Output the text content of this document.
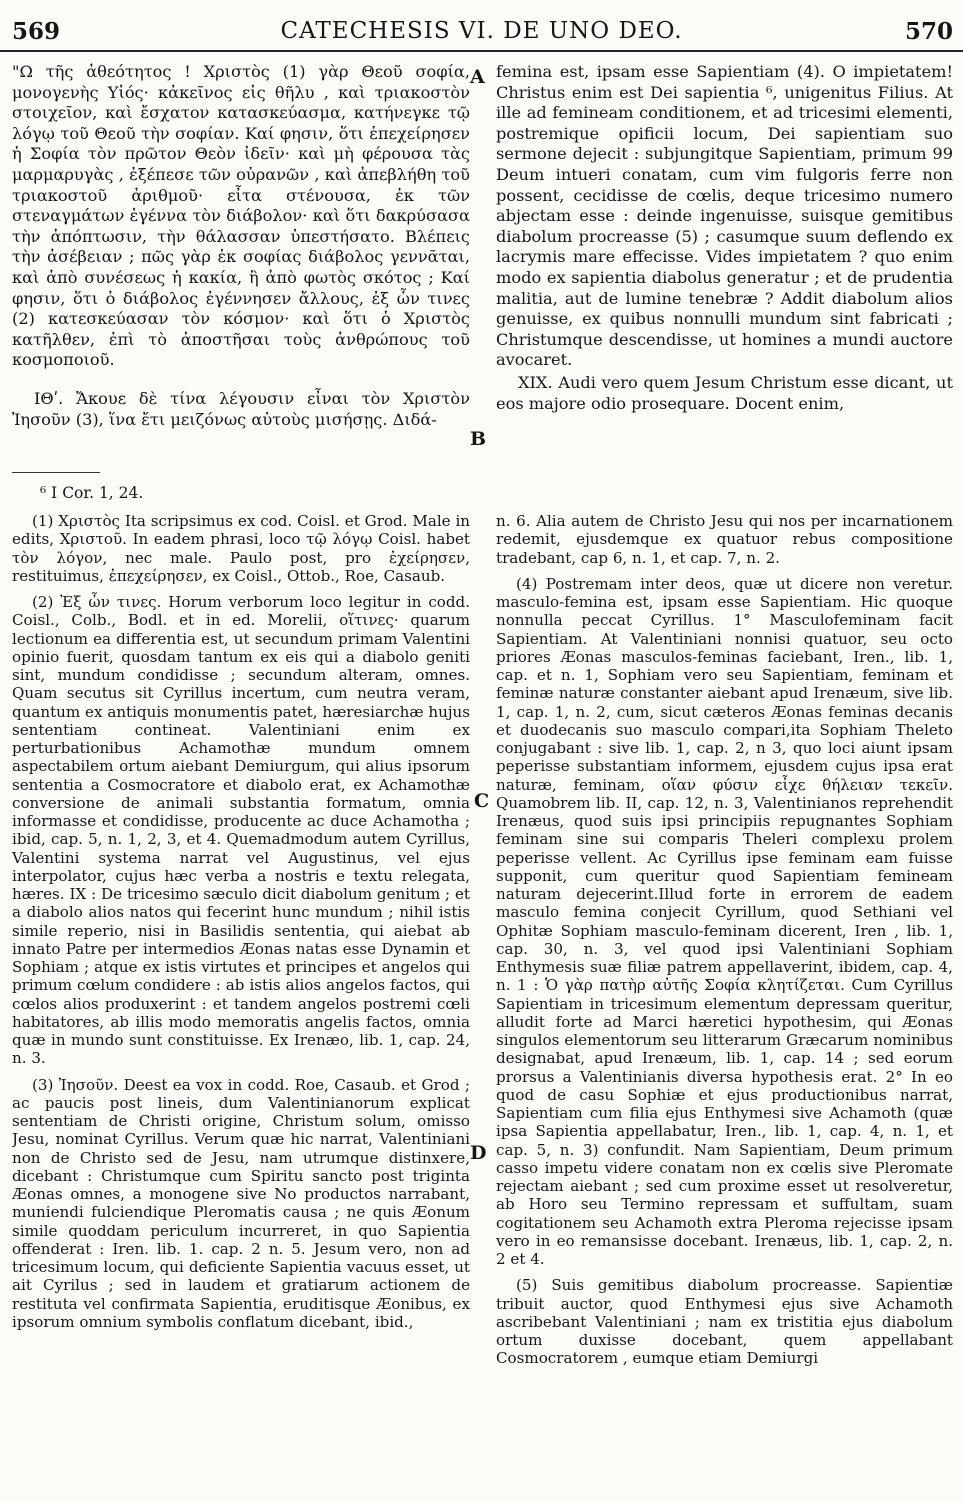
569	CATECHESIS VI. DE UNO DEO.	570
A
B
C
D

"Ω τῆς ἀθεότητος ! Χριστὸς (1) γὰρ Θεοῦ σοφία, μονογενὴς Υἱός· κἀκεῖνος εἰς θῆλυ , καὶ τριακοστὸν στοιχεῖον, καὶ ἔσχατον κατασκεύασμα, κατήνεγκε τῷ λόγῳ τοῦ Θεοῦ τὴν σοφίαν. Καί φησιν, ὅτι ἐπεχείρησεν ἡ Σοφία τὸν πρῶτον Θεὸν ἰδεῖν· καὶ μὴ φέρουσα τὰς μαρμαρυγὰς , ἐξέπεσε τῶν οὐρανῶν , καὶ ἀπεβλήθη τοῦ τριακοστοῦ ἀριθμοῦ· εἶτα στένουσα, ἐκ τῶν στεναγμάτων ἐγέννα τὸν διάβολον· καὶ ὅτι δακρύσασα τὴν ἀπόπτωσιν, τὴν θάλασσαν ὑπεστήσατο. Βλέπεις τὴν ἀσέβειαν ; πῶς γὰρ ἐκ σοφίας διάβολος γεννᾶται, καὶ ἀπὸ συνέσεως ἡ κακία, ἢ ἀπὸ φωτὸς σκότος ; Καί φησιν, ὅτι ὁ διάβολος ἐγέννησεν ἄλλους, ἐξ ὧν τινες (2) κατεσκεύασαν τὸν κόσμον· καὶ ὅτι ὁ Χριστὸς κατῆλθεν, ἐπὶ τὸ ἀποστῆσαι τοὺς ἀνθρώπους τοῦ κοσμοποιοῦ.

ΙΘʹ. Ἄκουε δὲ τίνα λέγουσιν εἶναι τὸν Χριστὸν Ἰησοῦν (3), ἵνα ἔτι μειζόνως αὐτοὺς μισήσῃς. Διδά-

femina est, ipsam esse Sapientiam (4). O impietatem! Christus enim est Dei sapientia ⁶, unigenitus Filius. At ille ad femineam conditionem, et ad tricesimi elementi, postremique opificii locum, Dei sapientiam suo sermone dejecit : subjungitque Sapientiam, primum 99 Deum intueri conatam, cum vim fulgoris ferre non possent, cecidisse de cœlis, deque tricesimo numero abjectam esse : deinde ingenuisse, suisque gemitibus diabolum procreasse (5) ; casumque suum deflendo ex lacrymis mare effecisse. Vides impietatem ? quo enim modo ex sapientia diabolus generatur ; et de prudentia malitia, aut de lumine tenebræ ? Addit diabolum alios genuisse, ex quibus nonnulli mundum sint fabricati ; Christumque descendisse, ut homines a mundi auctore avocaret.

XIX. Audi vero quem Jesum Christum esse dicant, ut eos majore odio prosequare. Docent enim,

⁶ I Cor. 1, 24.

(1) Χριστὸς Ita scripsimus ex cod. Coisl. et Grod. Male in edits, Χριστοῦ. In eadem phrasi, loco τῷ λόγῳ Coisl. habet τὸν λόγον, nec male. Paulo post, pro ἐχείρησεν, restituimus, ἐπεχείρησεν, ex Coisl., Ottob., Roe, Casaub.

(2) Ἐξ ὧν τινες. Horum verborum loco legitur in codd. Coisl., Colb., Bodl. et in ed. Morelii, οἵτινες· quarum lectionum ea differentia est, ut secundum primam Valentini opinio fuerit, quosdam tantum ex eis qui a diabolo geniti sint, mundum condidisse ; secundum alteram, omnes. Quam secutus sit Cyrillus incertum, cum neutra veram, quantum ex antiquis monumentis patet, hæresiarchæ hujus sententiam contineat. Valentiniani enim ex perturbationibus Achamothæ mundum omnem aspectabilem ortum aiebant Demiurgum, qui alius ipsorum sententia a Cosmocratore et diabolo erat, ex Achamothæ conversione de animali substantia formatum, omnia informasse et condidisse, producente ac duce Achamotha ; ibid, cap. 5, n. 1, 2, 3, et 4. Quemadmodum autem Cyrillus, Valentini systema narrat vel Augustinus, vel ejus interpolator, cujus hæc verba a nostris e textu relegata, hæres. IX : De tricesimo sæculo dicit diabolum genitum ; et a diabolo alios natos qui fecerint hunc mundum ; nihil istis simile reperio, nisi in Basilidis sententia, qui aiebat ab innato Patre per intermedios Æonas natas esse Dynamin et Sophiam ; atque ex istis virtutes et principes et angelos qui primum cœlum condidere : ab istis alios angelos factos, qui cœlos alios produxerint : et tandem angelos postremi cœli habitatores, ab illis modo memoratis angelis factos, omnia quæ in mundo sunt constituisse. Ex Irenæo, lib. 1, cap. 24, n. 3.

(3) Ἰησοῦν. Deest ea vox in codd. Roe, Casaub. et Grod ; ac paucis post lineis, dum Valentinianorum explicat sententiam de Christi origine, Christum solum, omisso Jesu, nominat Cyrillus. Verum quæ hic narrat, Valentiniani non de Christo sed de Jesu, nam utrumque distinxere, dicebant : Christumque cum Spiritu sancto post triginta Æonas omnes, a monogene sive No productos narrabant, muniendi fulciendique Pleromatis causa ; ne quis Æonum simile quoddam periculum incurreret, in quo Sapientia offenderat : Iren. lib. 1. cap. 2 n. 5. Jesum vero, non ad tricesimum locum, qui deficiente Sapientia vacuus esset, ut ait Cyrilus ; sed in laudem et gratiarum actionem de restituta vel confirmata Sapientia, eruditisque Æonibus, ex ipsorum omnium symbolis conflatum dicebant, ibid.,

n. 6. Alia autem de Christo Jesu qui nos per incarnationem redemit, ejusdemque ex quatuor rebus compositione tradebant, cap 6, n. 1, et cap. 7, n. 2.

(4) Postremam inter deos, quæ ut dicere non veretur. masculo-femina est, ipsam esse Sapientiam. Hic quoque nonnulla peccat Cyrillus. 1° Masculofeminam facit Sapientiam. At Valentiniani nonnisi quatuor, seu octo priores Æonas masculos-feminas faciebant, Iren., lib. 1, cap. et n. 1, Sophiam vero seu Sapientiam, feminam et feminæ naturæ constanter aiebant apud Irenæum, sive lib. 1, cap. 1, n. 2, cum, sicut cæteros Æonas feminas decanis et duodecanis suo masculo compari,ita Sophiam Theleto conjugabant : sive lib. 1, cap. 2, n 3, quo loci aiunt ipsam peperisse substantiam informem, ejusdem cujus ipsa erat naturæ, feminam, οἵαν φύσιν εἶχε θήλειαν τεκεῖν. Quamobrem lib. II, cap. 12, n. 3, Valentinianos reprehendit Irenæus, quod suis ipsi principiis repugnantes Sophiam feminam sine sui comparis Theleri complexu prolem peperisse vellent. Ac Cyrillus ipse feminam eam fuisse supponit, cum queritur quod Sapientiam femineam naturam dejecerint.Illud forte in errorem de eadem masculo femina conjecit Cyrillum, quod Sethiani vel Ophitæ Sophiam masculo-feminam dicerent, Iren , lib. 1, cap. 30, n. 3, vel quod ipsi Valentiniani Sophiam Enthymesis suæ filiæ patrem appellaverint, ibidem, cap. 4, n. 1 : Ὁ γὰρ πατὴρ αὐτῆς Σοφία κλητίζεται. Cum Cyrillus Sapientiam in tricesimum elementum depressam queritur, alludit forte ad Marci hæretici hypothesim, qui Æonas singulos elementorum seu litterarum Græcarum nominibus designabat, apud Irenæum, lib. 1, cap. 14 ; sed eorum prorsus a Valentinianis diversa hypothesis erat. 2° In eo quod de casu Sophiæ et ejus productionibus narrat, Sapientiam cum filia ejus Enthymesi sive Achamoth (quæ ipsa Sapientia appellabatur, Iren., lib. 1, cap. 4, n. 1, et cap. 5, n. 3) confundit. Nam Sapientiam, Deum primum casso impetu videre conatam non ex cœlis sive Pleromate rejectam aiebant ; sed cum proxime esset ut resolveretur, ab Horo seu Termino repressam et suffultam, suam cogitationem seu Achamoth extra Pleroma rejecisse ipsam vero in eo remansisse docebant. Irenæus, lib. 1, cap. 2, n. 2 et 4.

(5) Suis gemitibus diabolum procreasse. Sapientiæ tribuit auctor, quod Enthymesi ejus sive Achamoth ascribebant Valentiniani ; nam ex tristitia ejus diabolum ortum duxisse docebant, quem appellabant Cosmocratorem , eumque etiam Demiurgi
